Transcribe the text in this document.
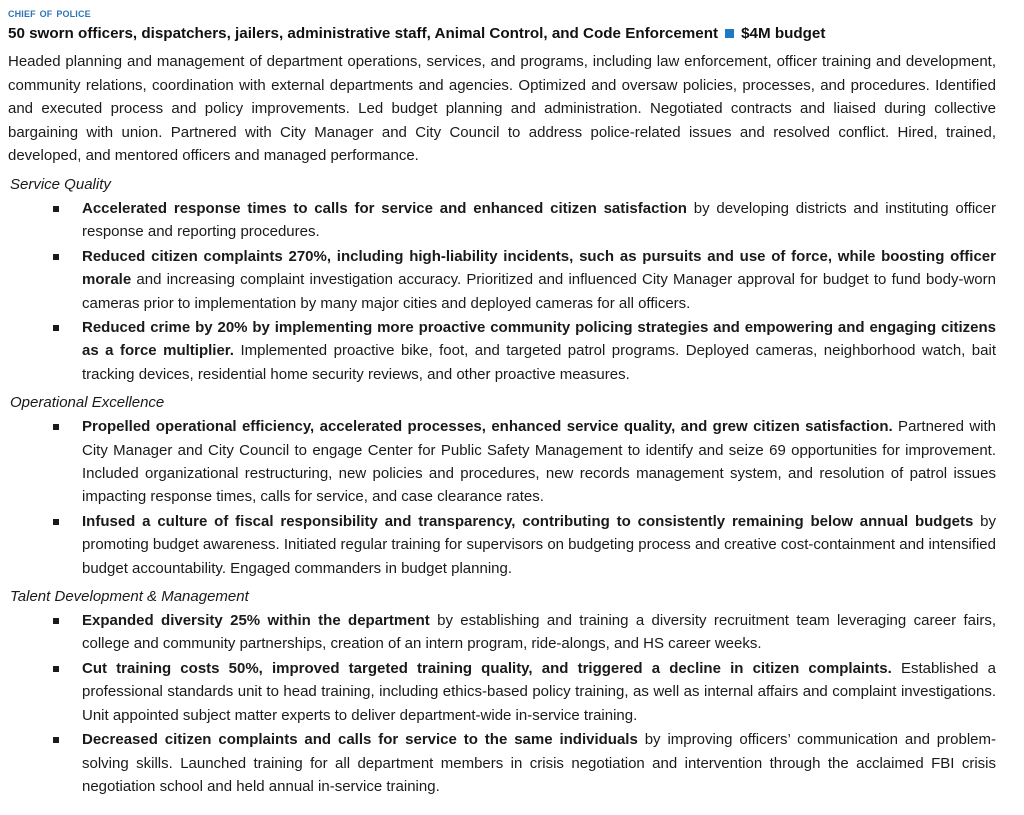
chief of police
50 sworn officers, dispatchers, jailers, administrative staff, Animal Control, and Code Enforcement $4M budget

Headed planning and management of department operations, services, and programs, including law enforcement, officer training and development, community relations, coordination with external departments and agencies. Optimized and oversaw policies, processes, and procedures. Identified and executed process and policy improvements. Led budget planning and administration. Negotiated contracts and liaised during collective bargaining with union. Partnered with City Manager and City Council to address police-related issues and resolved conflict. Hired, trained, developed, and mentored officers and managed performance.

Service Quality
Accelerated response times to calls for service and enhanced citizen satisfaction by developing districts and instituting officer response and reporting procedures.
Reduced citizen complaints 270%, including high-liability incidents, such as pursuits and use of force, while boosting officer morale and increasing complaint investigation accuracy. Prioritized and influenced City Manager approval for budget to fund body-worn cameras prior to implementation by many major cities and deployed cameras for all officers.
Reduced crime by 20% by implementing more proactive community policing strategies and empowering and engaging citizens as a force multiplier. Implemented proactive bike, foot, and targeted patrol programs. Deployed cameras, neighborhood watch, bait tracking devices, residential home security reviews, and other proactive measures.
Operational Excellence
Propelled operational efficiency, accelerated processes, enhanced service quality, and grew citizen satisfaction. Partnered with City Manager and City Council to engage Center for Public Safety Management to identify and seize 69 opportunities for improvement. Included organizational restructuring, new policies and procedures, new records management system, and resolution of patrol issues impacting response times, calls for service, and case clearance rates.
Infused a culture of fiscal responsibility and transparency, contributing to consistently remaining below annual budgets by promoting budget awareness. Initiated regular training for supervisors on budgeting process and creative cost-containment and intensified budget accountability. Engaged commanders in budget planning.
Talent Development & Management
Expanded diversity 25% within the department by establishing and training a diversity recruitment team leveraging career fairs, college and community partnerships, creation of an intern program, ride-alongs, and HS career weeks.
Cut training costs 50%, improved targeted training quality, and triggered a decline in citizen complaints. Established a professional standards unit to head training, including ethics-based policy training, as well as internal affairs and complaint investigations. Unit appointed subject matter experts to deliver department-wide in-service training.
Decreased citizen complaints and calls for service to the same individuals by improving officers’ communication and problem-solving skills. Launched training for all department members in crisis negotiation and intervention through the acclaimed FBI crisis negotiation school and held annual in-service training.
